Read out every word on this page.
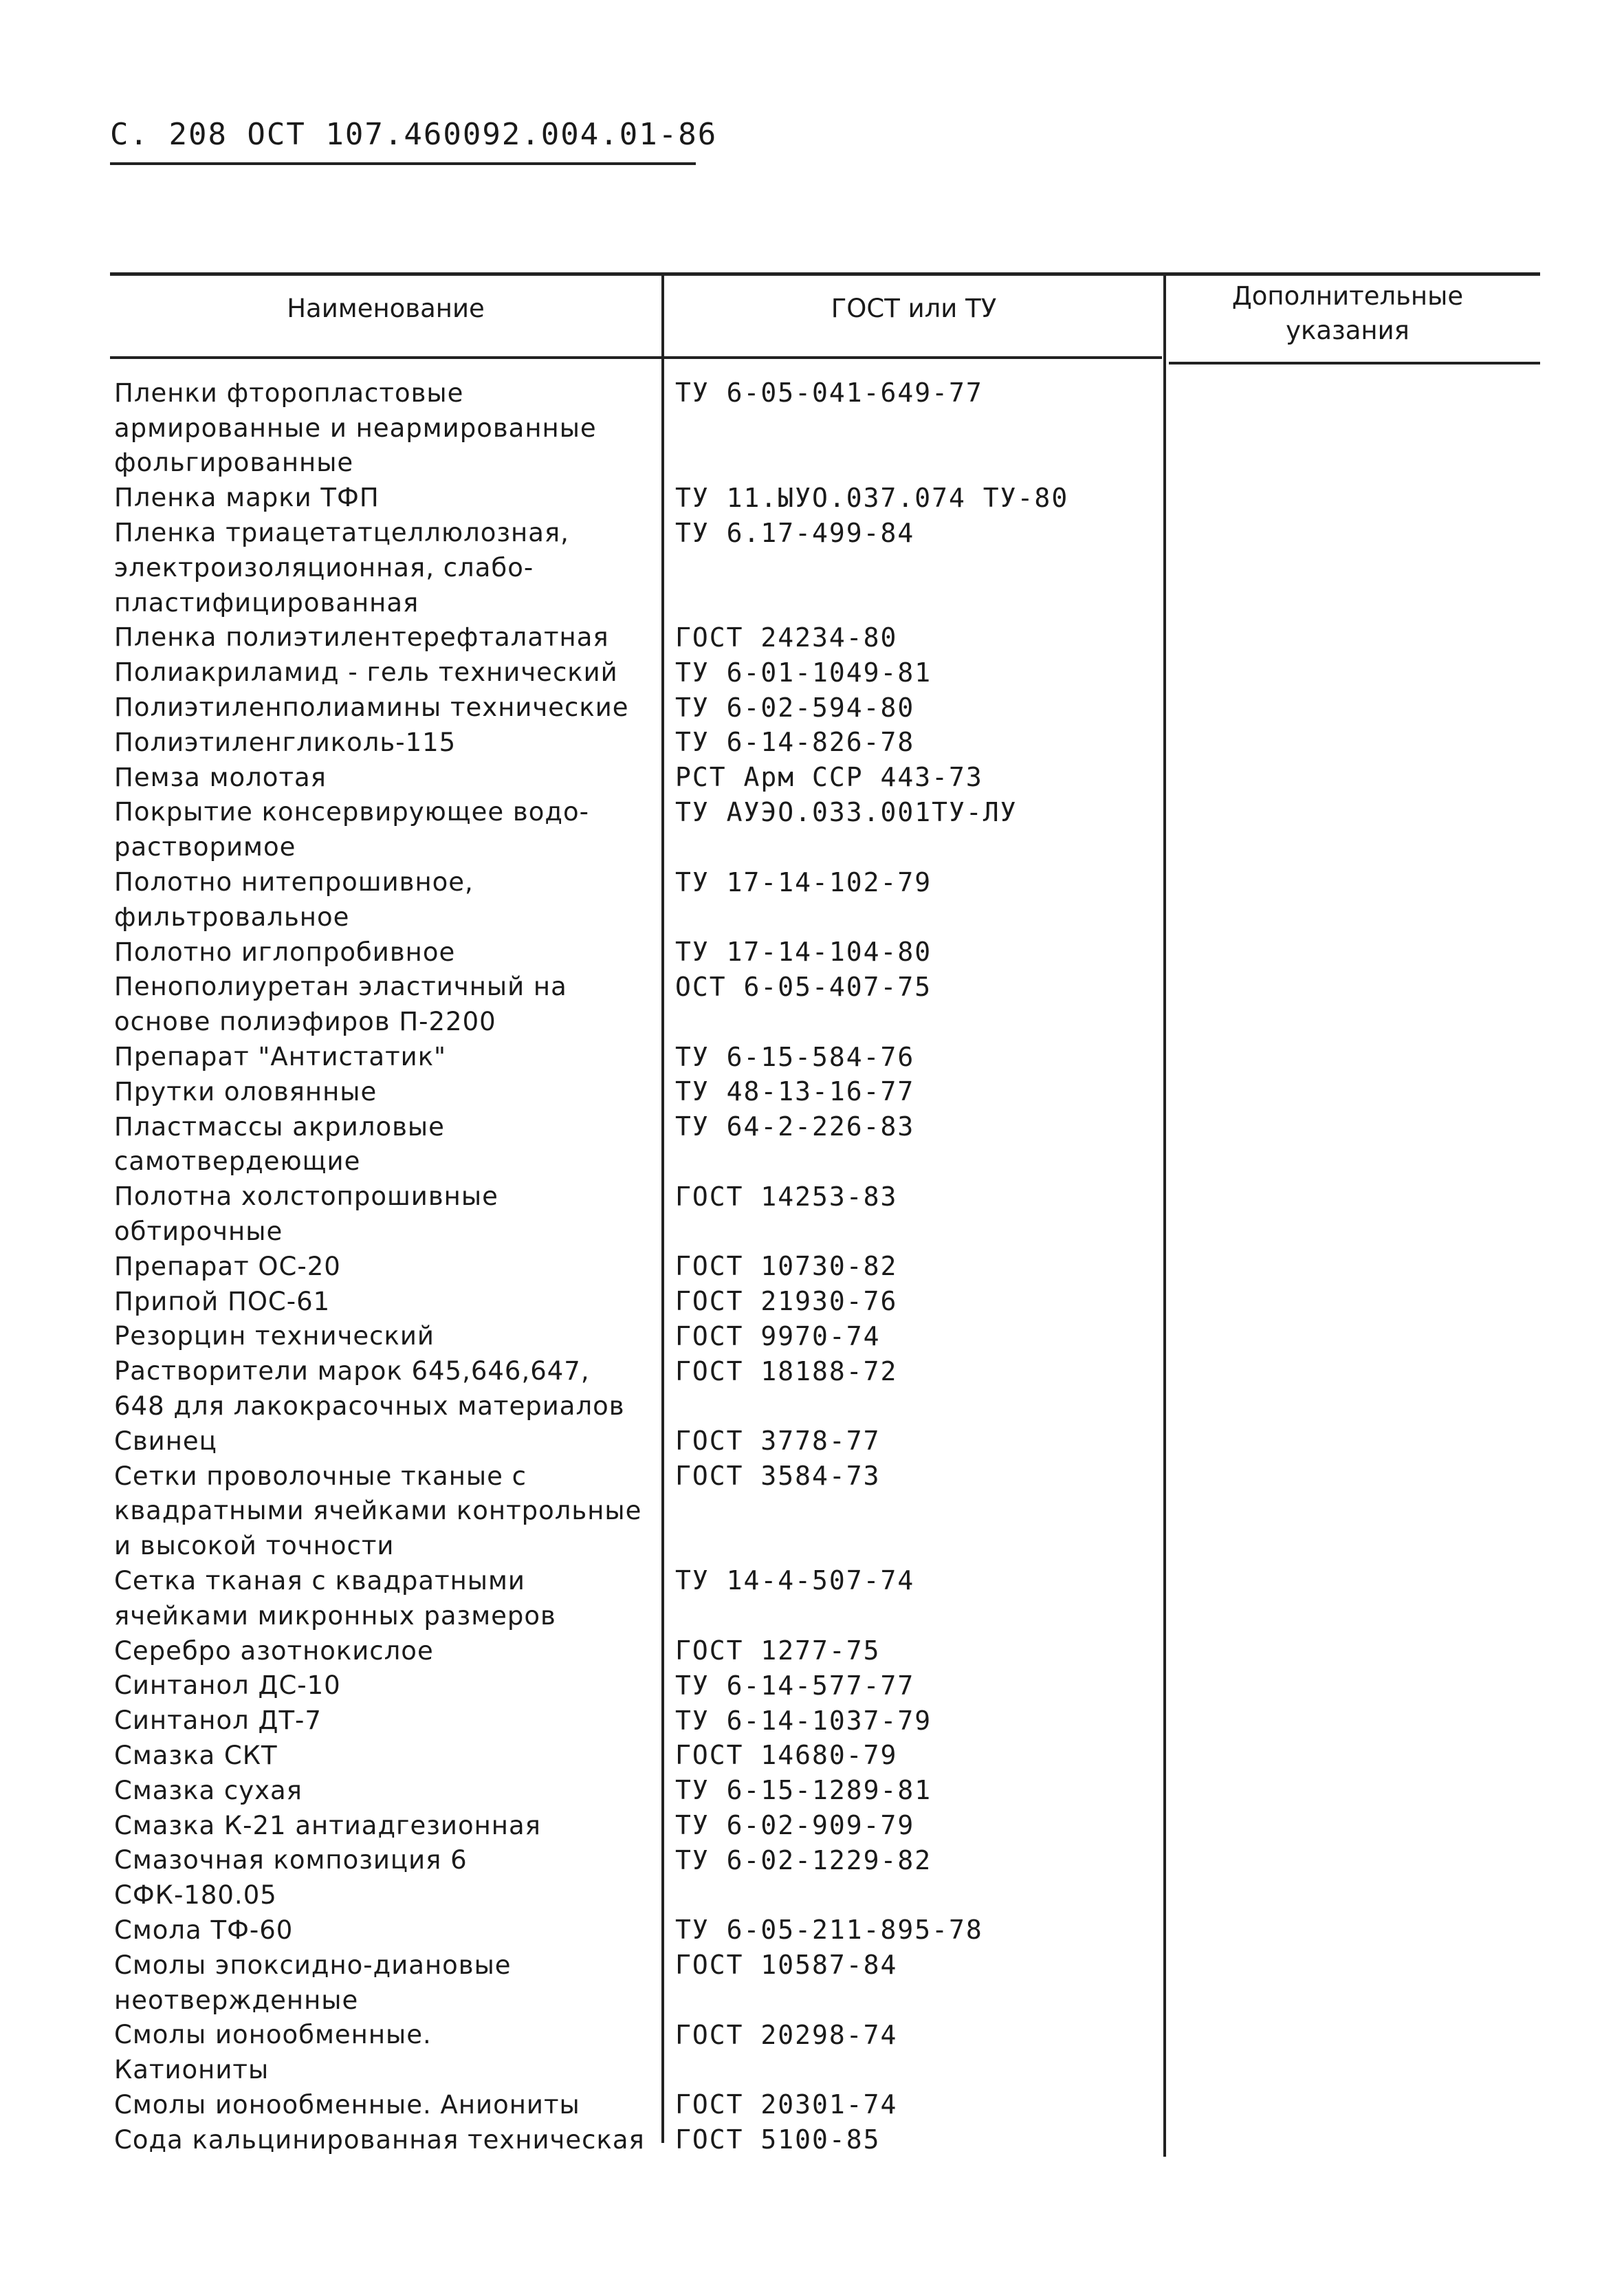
С. 208 ОСТ 107.460092.004.01-86
Наименование	ГОСТ или ТУ	Дополнительные указания
Пленки фторопластовые	ТУ 6-05-041-649-77
армированные и неармированные
фольгированные
Пленка марки ТФП	ТУ 11.ЫУО.037.074 ТУ-80
Пленка триацетатцеллюлозная,	ТУ 6.17-499-84
электроизоляционная, слабо-
пластифицированная
Пленка полиэтилентерефталатная	ГОСТ 24234-80
Полиакриламид - гель технический	ТУ 6-01-1049-81
Полиэтиленполиамины технические	ТУ 6-02-594-80
Полиэтиленгликоль-115	ТУ 6-14-826-78
Пемза молотая	РСТ Арм ССР 443-73
Покрытие консервирующее водо-	ТУ АУЭО.033.001ТУ-ЛУ
растворимое
Полотно нитепрошивное,	ТУ 17-14-102-79
фильтровальное
Полотно иглопробивное	ТУ 17-14-104-80
Пенополиуретан эластичный на	ОСТ 6-05-407-75
основе полиэфиров П-2200
Препарат "Антистатик"	ТУ 6-15-584-76
Прутки оловянные	ТУ 48-13-16-77
Пластмассы акриловые	ТУ 64-2-226-83
самотвердеющие
Полотна холстопрошивные	ГОСТ 14253-83
обтирочные
Препарат ОС-20	ГОСТ 10730-82
Припой ПОС-61	ГОСТ 21930-76
Резорцин технический	ГОСТ 9970-74
Растворители марок 645,646,647,	ГОСТ 18188-72
648 для лакокрасочных материалов
Свинец	ГОСТ 3778-77
Сетки проволочные тканые с	ГОСТ 3584-73
квадратными ячейками контрольные
и высокой точности
Сетка тканая с квадратными	ТУ 14-4-507-74
ячейками микронных размеров
Серебро азотнокислое	ГОСТ 1277-75
Синтанол ДС-10	ТУ 6-14-577-77
Синтанол ДТ-7	ТУ 6-14-1037-79
Смазка СКТ	ГОСТ 14680-79
Смазка сухая	ТУ 6-15-1289-81
Смазка К-21 антиадгезионная	ТУ 6-02-909-79
Смазочная композиция 6	ТУ 6-02-1229-82
СФК-180.05
Смола ТФ-60	ТУ 6-05-211-895-78
Смолы эпоксидно-диановые	ГОСТ 10587-84
неотвержденные
Смолы ионообменные.	ГОСТ 20298-74
Катиониты
Смолы ионообменные. Аниониты	ГОСТ 20301-74
Сода кальцинированная техническая	ГОСТ 5100-85
